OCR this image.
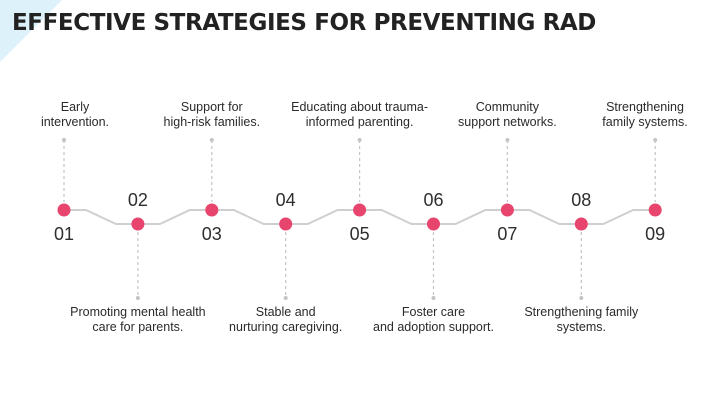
EFFECTIVE STRATEGIES FOR PREVENTING RAD
01
Early
intervention.
02
Promoting mental health
care for parents.
03
Support for
high-risk families.
04
Stable and
nurturing caregiving.
05
Educating about trauma-
informed parenting.
06
Foster care
and adoption support.
07
Community
support networks.
08
Strengthening family
systems.
09
Strengthening
family systems.
